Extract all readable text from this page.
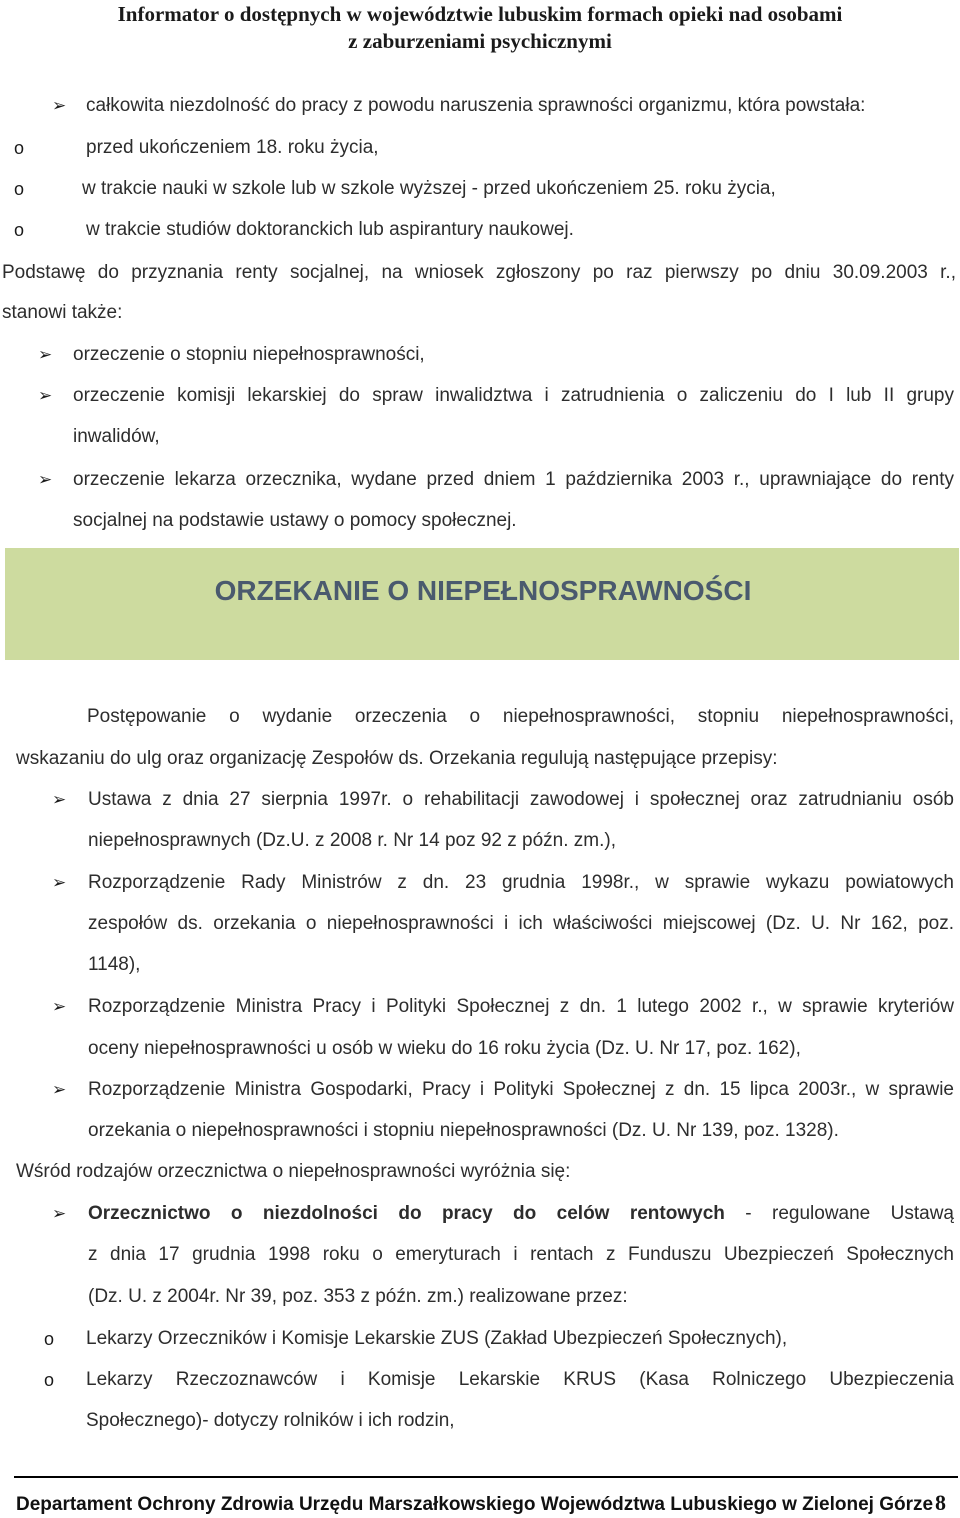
Informator o dostępnych w województwie lubuskim formach opieki nad osobami
z zaburzeniami psychicznymi
➢ całkowita niezdolność do pracy z powodu naruszenia sprawności organizmu, która powstała:
o	przed ukończeniem 18. roku życia,
o	w trakcie nauki w szkole lub w szkole wyższej - przed ukończeniem 25. roku życia,
o	w trakcie studiów doktoranckich lub aspirantury naukowej.
Podstawę do przyznania renty socjalnej, na wniosek zgłoszony po raz pierwszy po dniu 30.09.2003 r.,
stanowi także:
➢ orzeczenie o stopniu niepełnosprawności,
➢ orzeczenie komisji lekarskiej do spraw inwalidztwa i zatrudnienia o zaliczeniu do I lub II grupy
inwalidów,
➢ orzeczenie lekarza orzecznika, wydane przed dniem 1 października 2003 r., uprawniające do renty
socjalnej na podstawie ustawy o pomocy społecznej.
ORZEKANIE O NIEPEŁNOSPRAWNOŚCI
Postępowanie o wydanie orzeczenia o niepełnosprawności, stopniu niepełnosprawności,
wskazaniu do ulg oraz organizację Zespołów ds. Orzekania regulują następujące przepisy:
➢ Ustawa z dnia 27 sierpnia 1997r. o rehabilitacji zawodowej i społecznej oraz zatrudnianiu osób
niepełnosprawnych (Dz.U. z 2008 r. Nr 14 poz 92 z późn. zm.),
➢ Rozporządzenie Rady Ministrów z dn. 23 grudnia 1998r., w sprawie wykazu powiatowych
zespołów ds. orzekania o niepełnosprawności i ich właściwości miejscowej (Dz. U. Nr 162, poz.
1148),
➢ Rozporządzenie Ministra Pracy i Polityki Społecznej z dn. 1 lutego 2002 r., w sprawie kryteriów
oceny niepełnosprawności u osób w wieku do 16 roku życia (Dz. U. Nr 17, poz. 162),
➢ Rozporządzenie Ministra Gospodarki, Pracy i Polityki Społecznej z dn. 15 lipca 2003r., w sprawie
orzekania o niepełnosprawności i stopniu niepełnosprawności (Dz. U. Nr 139, poz. 1328).
Wśród rodzajów orzecznictwa o niepełnosprawności wyróżnia się:
➢ Orzecznictwo o niezdolności do pracy do celów rentowych - regulowane Ustawą
z dnia 17 grudnia 1998 roku o emeryturach i rentach z Funduszu Ubezpieczeń Społecznych
(Dz. U. z 2004r. Nr 39, poz. 353 z późn. zm.) realizowane przez:
o Lekarzy Orzeczników i Komisje Lekarskie ZUS (Zakład Ubezpieczeń Społecznych),
o Lekarzy Rzeczoznawców i Komisje Lekarskie KRUS (Kasa Rolniczego Ubezpieczenia
Społecznego)- dotyczy rolników i ich rodzin,
Departament Ochrony Zdrowia Urzędu Marszałkowskiego Województwa Lubuskiego w Zielonej Górze 8
